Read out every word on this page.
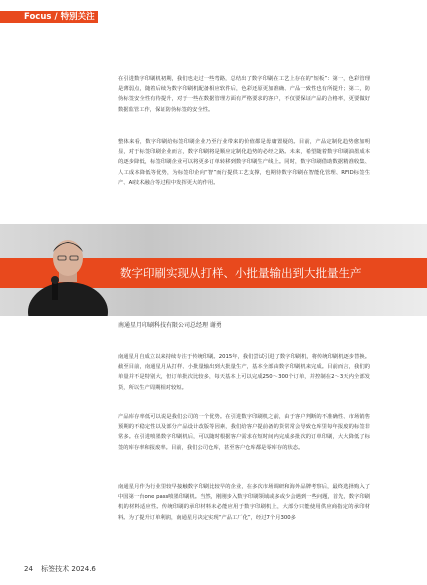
Focus / 特别关注
在引进数字印刷机初期，我们也走过一些弯路，总结出了数字印刷在工艺上存在的“短板”：第一，色彩管理是薄弱点，随着后续为数字印刷机配备相应软件后，色彩还原更加准确、产品一致性也有所提升；第二，防伪标签安全性有待提升，对于一些在数据管理方面有严格要求的客户，不仅要保证产品的合格率，更要做好数据监管工作，保证防伪标签的安全性。
整体来看，数字印刷给标签印刷企业乃至行业带来的价值都是毋庸置疑的。目前，产品定制化趋势愈加明显，对于标签印刷企业而言，数字印刷将是顺应定制化趋势的必经之路。未来，希望随着数字印刷油墨成本的逐步降低，标签印刷企业可以将更多订单转移到数字印刷生产线上。同时，数字印刷借助数据精准收集、人工成本降低等优势，为标签印企向“智”而行提供工艺支撑，也期待数字印刷在智能化管理、RFID标签生产、AI技术融合等过程中发挥更大的作用。
数字印刷实现从打样、小批量输出到大批量生产
南通星月印刷科技有限公司总经理 谢勇
南通星月自成立以来持续专注于传统印刷。2015年，我们尝试引进了数字印刷机，将传统印刷机逐步替换。截至目前，南通星月从打样、小批量输出到大批量生产，基本全部由数字印刷机来完成。目前而言，我们的单量并不是特别大，但订单批次比较多，每天基本上可以完成250～300个订单，并控制在2～3天内全部发货，所以生产周期相对较短。
产品库存率低可以说是我们公司的一个优势。在引进数字印刷机之前，由于客户判断的不准确性、市场销售预期的不稳定性以及部分产品设计改版等因素，我们给客户提前备的货常常会导致仓库里每年报废的标签非常多。在引进喷墨数字印刷机后，可以随时根据客户需求在短时间内完成多批次的订单印刷，大大降低了标签的库存率和报废率。目前，我们公司仓库，甚至客户仓库都是零库存的状态。
南通星月作为行业里较早接触数字印刷比较早的企业，在多次市场调研和海外品牌考察后，最终选择购入了中国第一台one pass喷墨印刷机。当然，刚刚步入数字印刷领域或多或少会遇到一些问题，首先，数字印刷机的材料适应性。传统印刷的承印材料未必能应用于数字印刷机上，大部分只能使用供应商指定的承印材料。为了提升订单利润，南通星月决定实现“产品工厂化”，经过7个月300多
24 标签技术 2024.6
